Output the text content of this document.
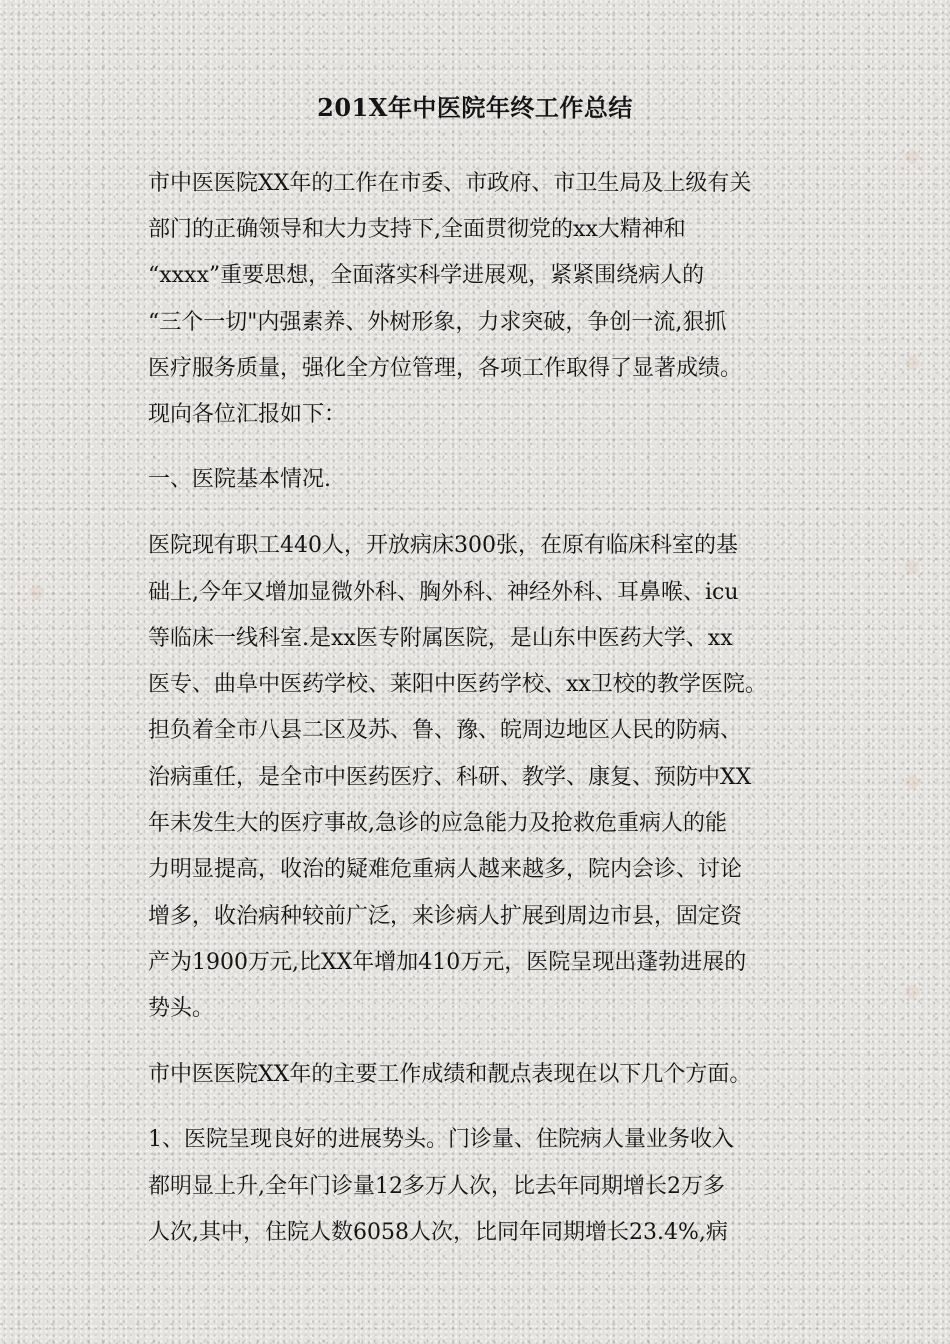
201X年中医院年终工作总结

市中医医院XX年的工作在市委、市政府、市卫生局及上级有关

部门的正确领导和大力支持下,全面贯彻党的xx大精神和

“xxxx”重要思想，全面落实科学进展观，紧紧围绕病人的

“三个一切"内强素养、外树形象，力求突破，争创一流,狠抓

医疗服务质量，强化全方位管理，各项工作取得了显著成绩。

现向各位汇报如下：

一、医院基本情况.

医院现有职工440人，开放病床300张，在原有临床科室的基

础上,今年又增加显微外科、胸外科、神经外科、耳鼻喉、icu

等临床一线科室.是xx医专附属医院，是山东中医药大学、xx

医专、曲阜中医药学校、莱阳中医药学校、xx卫校的教学医院。

担负着全市八县二区及苏、鲁、豫、皖周边地区人民的防病、

治病重任，是全市中医药医疗、科研、教学、康复、预防中XX

年未发生大的医疗事故,急诊的应急能力及抢救危重病人的能

力明显提高，收治的疑难危重病人越来越多，院内会诊、讨论

增多，收治病种较前广泛，来诊病人扩展到周边市县，固定资

产为1900万元,比XX年增加410万元，医院呈现出蓬勃进展的

势头。

市中医医院XX年的主要工作成绩和靓点表现在以下几个方面。

1、医院呈现良好的进展势头。门诊量、住院病人量业务收入

都明显上升,全年门诊量12多万人次，比去年同期增长2万多

人次,其中，住院人数6058人次，比同年同期增长23.4%,病
